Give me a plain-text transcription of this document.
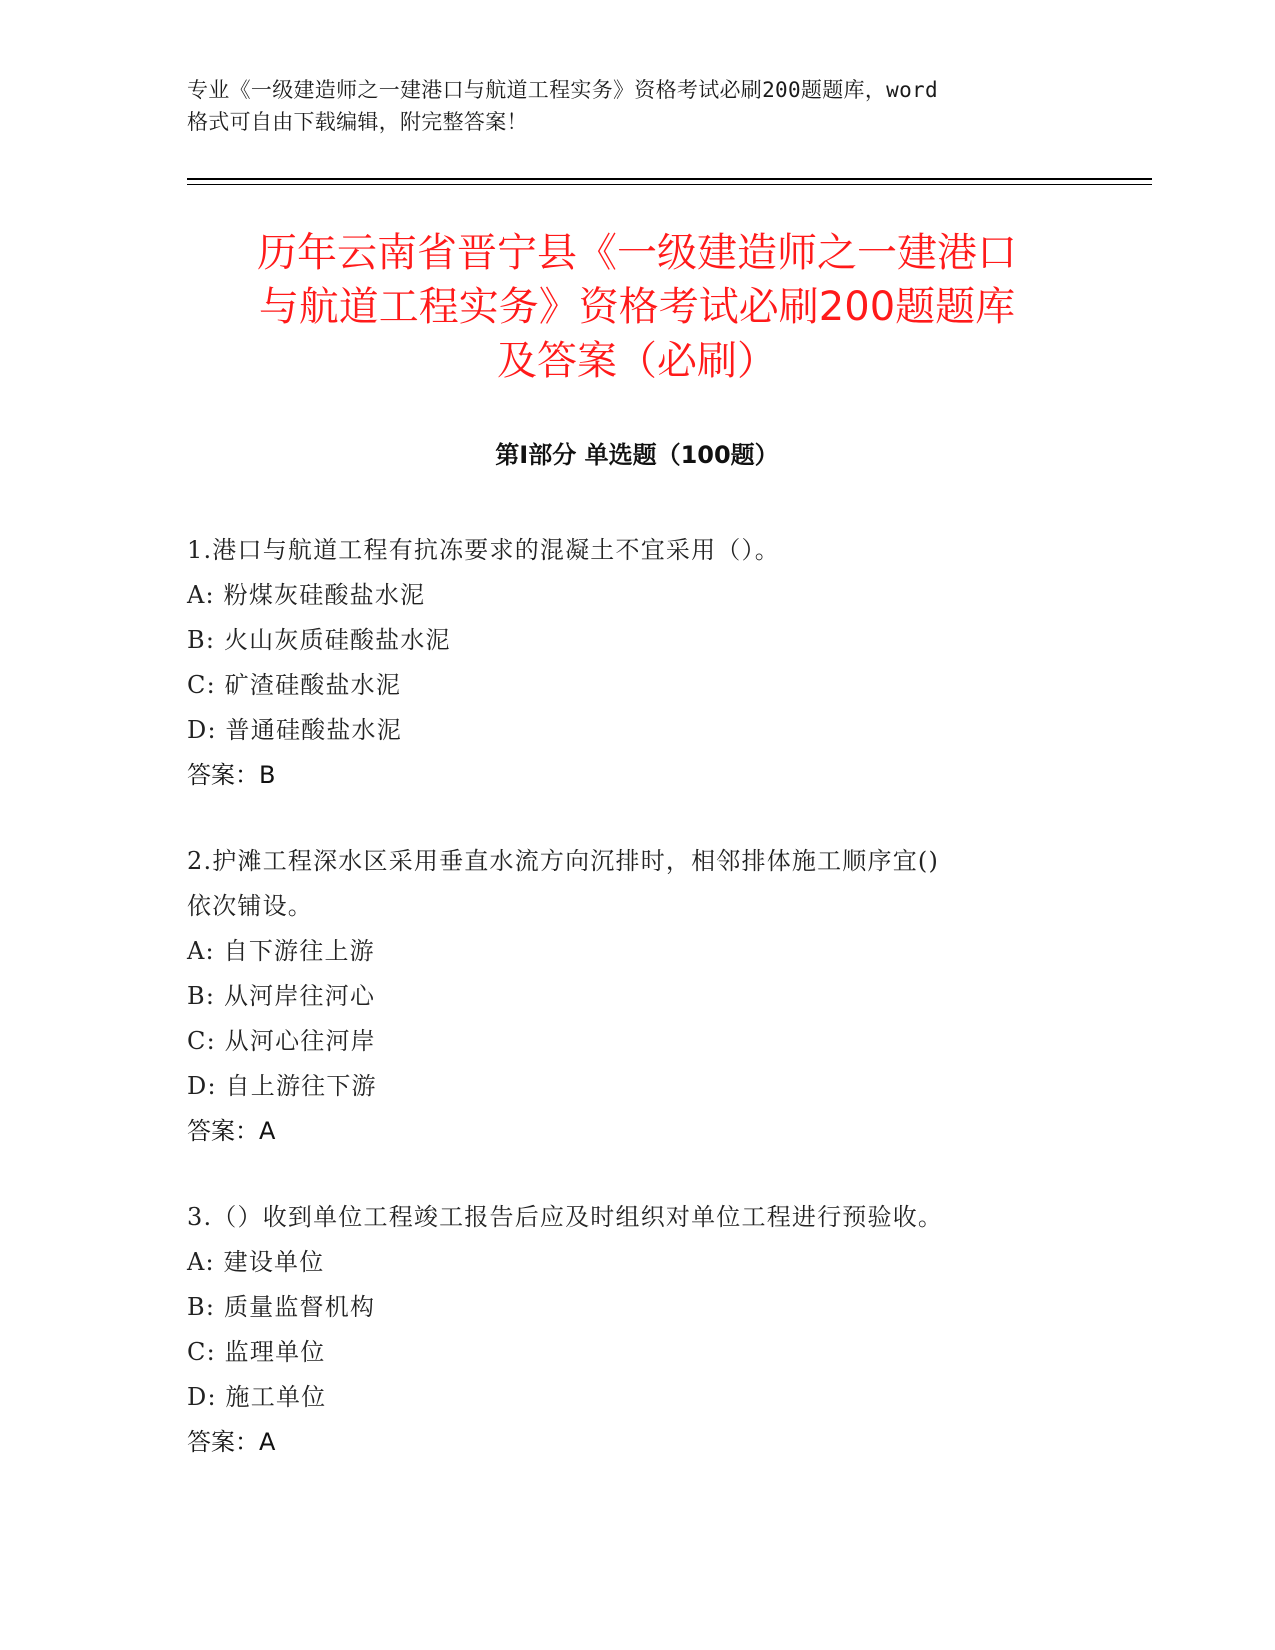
专业《一级建造师之一建港口与航道工程实务》资格考试必刷200题题库，word
格式可自由下载编辑，附完整答案！
历年云南省晋宁县《一级建造师之一建港口
与航道工程实务》资格考试必刷200题题库
及答案（必刷）
第Ⅰ部分 单选题（100题）
1.港口与航道工程有抗冻要求的混凝土不宜采用（）。
A: 粉煤灰硅酸盐水泥
B: 火山灰质硅酸盐水泥
C: 矿渣硅酸盐水泥
D: 普通硅酸盐水泥
答案：B
2.护滩工程深水区采用垂直水流方向沉排时，相邻排体施工顺序宜()
依次铺设。
A: 自下游往上游
B: 从河岸往河心
C: 从河心往河岸
D: 自上游往下游
答案：A
3.（）收到单位工程竣工报告后应及时组织对单位工程进行预验收。
A: 建设单位
B: 质量监督机构
C: 监理单位
D: 施工单位
答案：A
